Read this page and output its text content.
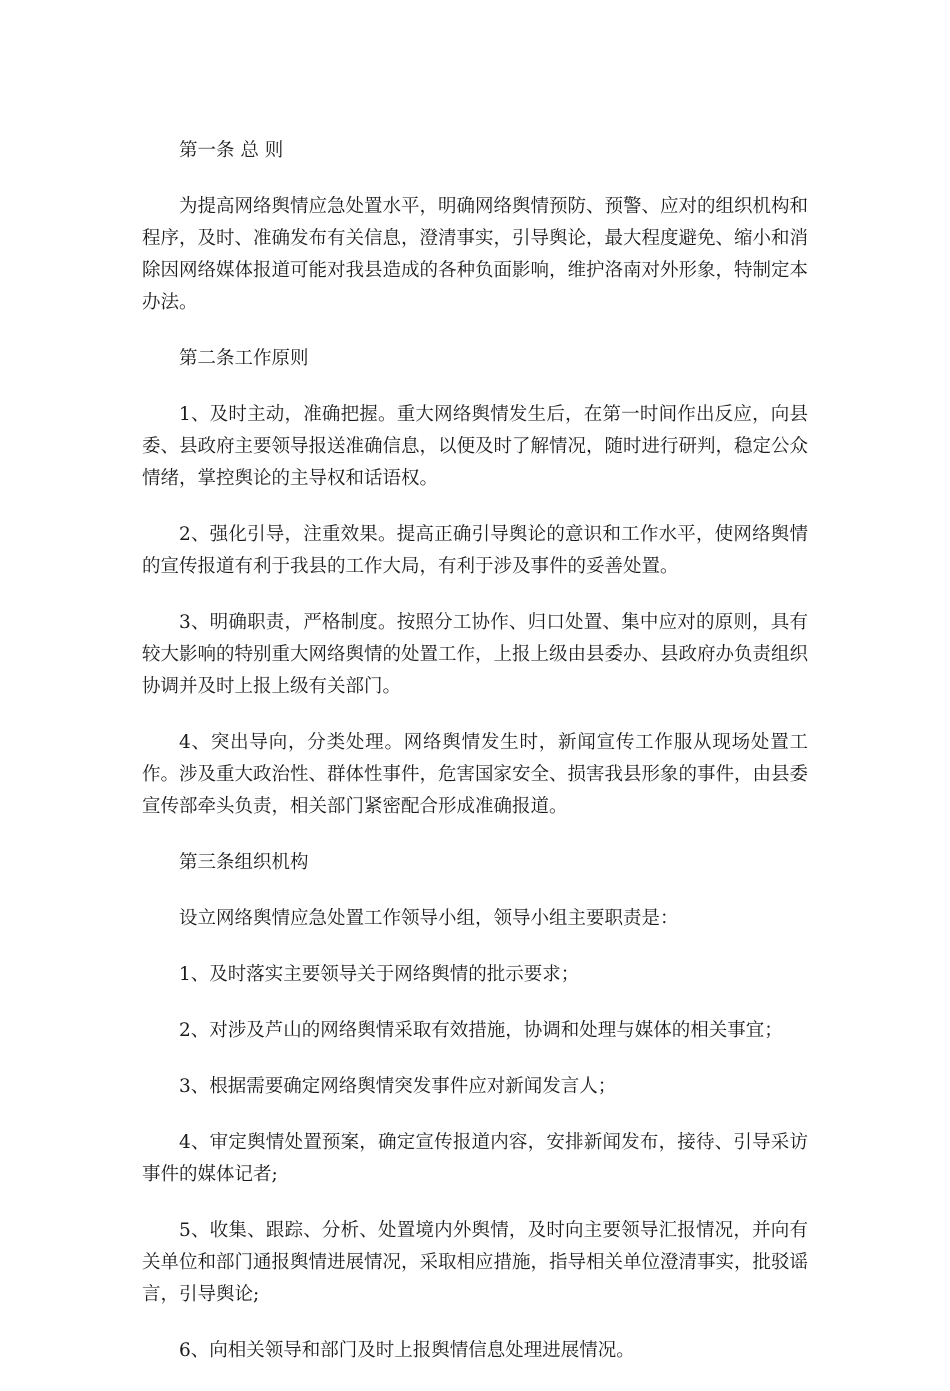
第一条 总 则

为提高网络舆情应急处置水平，明确网络舆情预防、预警、应对的组织机构和程序，及时、准确发布有关信息，澄清事实，引导舆论，最大程度避免、缩小和消除因网络媒体报道可能对我县造成的各种负面影响，维护洛南对外形象，特制定本办法。

第二条工作原则

1、及时主动，准确把握。重大网络舆情发生后，在第一时间作出反应，向县委、县政府主要领导报送准确信息，以便及时了解情况，随时进行研判，稳定公众情绪，掌控舆论的主导权和话语权。

2、强化引导，注重效果。提高正确引导舆论的意识和工作水平，使网络舆情的宣传报道有利于我县的工作大局，有利于涉及事件的妥善处置。

3、明确职责，严格制度。按照分工协作、归口处置、集中应对的原则，具有较大影响的特别重大网络舆情的处置工作，上报上级由县委办、县政府办负责组织协调并及时上报上级有关部门。

4、突出导向，分类处理。网络舆情发生时，新闻宣传工作服从现场处置工作。涉及重大政治性、群体性事件，危害国家安全、损害我县形象的事件，由县委宣传部牵头负责，相关部门紧密配合形成准确报道。

第三条组织机构

设立网络舆情应急处置工作领导小组，领导小组主要职责是：

1、及时落实主要领导关于网络舆情的批示要求；

2、对涉及芦山的网络舆情采取有效措施，协调和处理与媒体的相关事宜；

3、根据需要确定网络舆情突发事件应对新闻发言人；

4、审定舆情处置预案，确定宣传报道内容，安排新闻发布，接待、引导采访事件的媒体记者;

5、收集、跟踪、分析、处置境内外舆情，及时向主要领导汇报情况，并向有关单位和部门通报舆情进展情况，采取相应措施，指导相关单位澄清事实，批驳谣言，引导舆论;

6、向相关领导和部门及时上报舆情信息处理进展情况。
